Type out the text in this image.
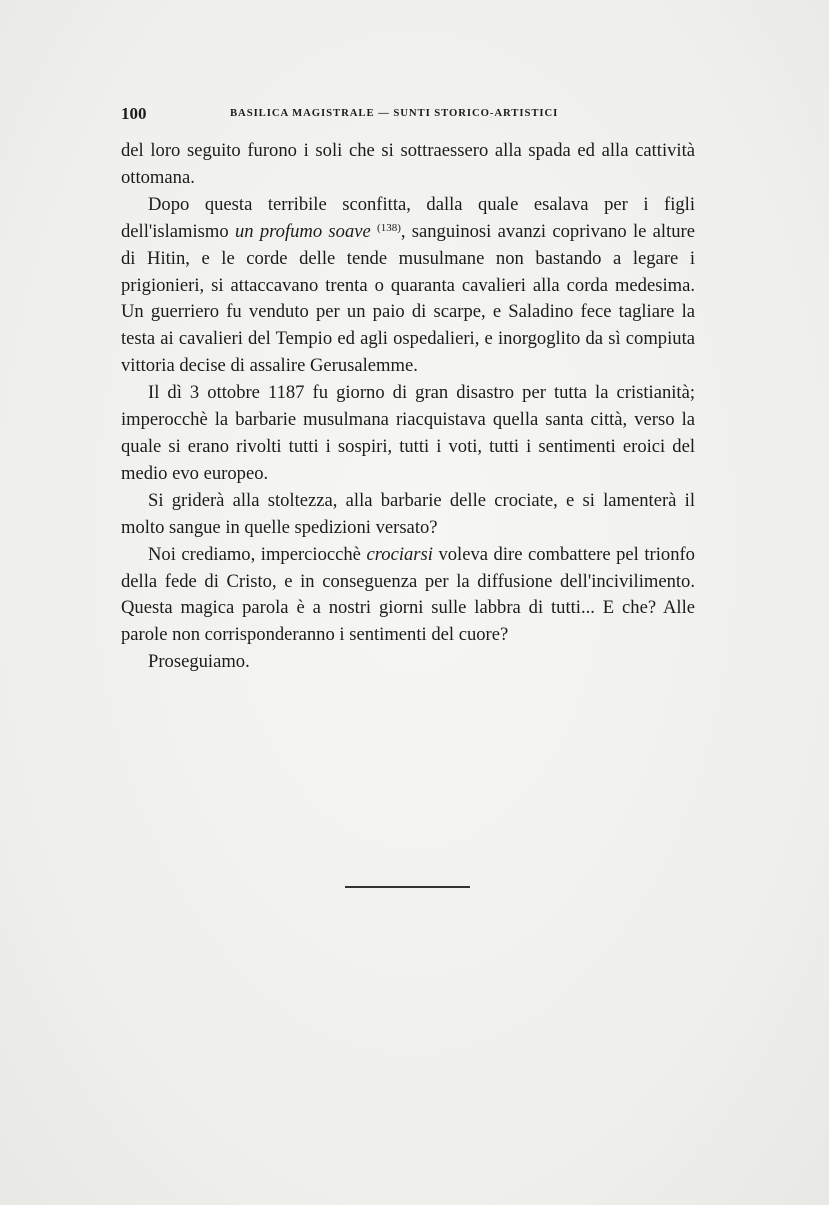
100	BASILICA MAGISTRALE — SUNTI STORICO-ARTISTICI

del loro seguito furono i soli che si sottraessero alla spada ed alla cattività ottomana.

Dopo questa terribile sconfitta, dalla quale esalava per i figli dell'islamismo un profumo soave $^{(138)}$, sanguinosi avanzi coprivano le alture di Hitin, e le corde delle tende musulmane non bastando a legare i prigionieri, si attaccavano trenta o quaranta cavalieri alla corda medesima. Un guerriero fu venduto per un paio di scarpe, e Saladino fece tagliare la testa ai cavalieri del Tempio ed agli ospedalieri, e inorgoglito da sì compiuta vittoria decise di assalire Gerusalemme.

Il dì 3 ottobre 1187 fu giorno di gran disastro per tutta la cristianità; imperocchè la barbarie musulmana riacquistava quella santa città, verso la quale si erano rivolti tutti i sospiri, tutti i voti, tutti i sentimenti eroici del medio evo europeo.

Si griderà alla stoltezza, alla barbarie delle crociate, e si lamenterà il molto sangue in quelle spedizioni versato?

Noi crediamo, imperciocchè crociarsi voleva dire combattere pel trionfo della fede di Cristo, e in conseguenza per la diffusione dell'incivilimento. Questa magica parola è a nostri giorni sulle labbra di tutti... E che? Alle parole non corrisponderanno i sentimenti del cuore?

Proseguiamo.
